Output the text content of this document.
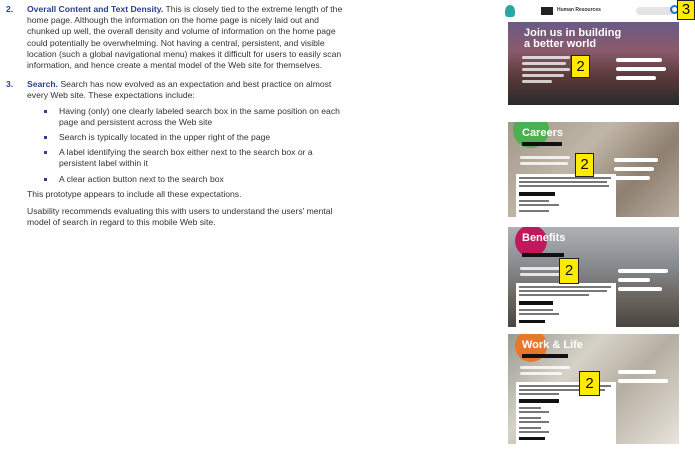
2.	Overall Content and Text Density. This is closely tied to the extreme length of the home page. Although the information on the home page is nicely laid out and chunked up well, the overall density and volume of information on the home page could potentially be overwhelming. Not having a central, persistent, and visible location (such a global navigational menu) makes it difficult for users to easily scan information, and hence create a mental model of the Web site for themselves.
3.	Search. Search has now evolved as an expectation and best practice on almost every Web site. These expectations include:
Having (only) one clearly labeled search box in the same position on each page and persistent across the Web site
Search is typically located in the upper right of the page
A label identifying the search box either next to the search box or a persistent label within it
A clear action button next to the search box

This prototype appears to include all these expectations.

Usability recommends evaluating this with users to understand the users' mental model of search in regard to this mobile Web site.

Human Resources
Join us in building a better world
Careers
Benefits
Work & Life
2
2
2
2
3
